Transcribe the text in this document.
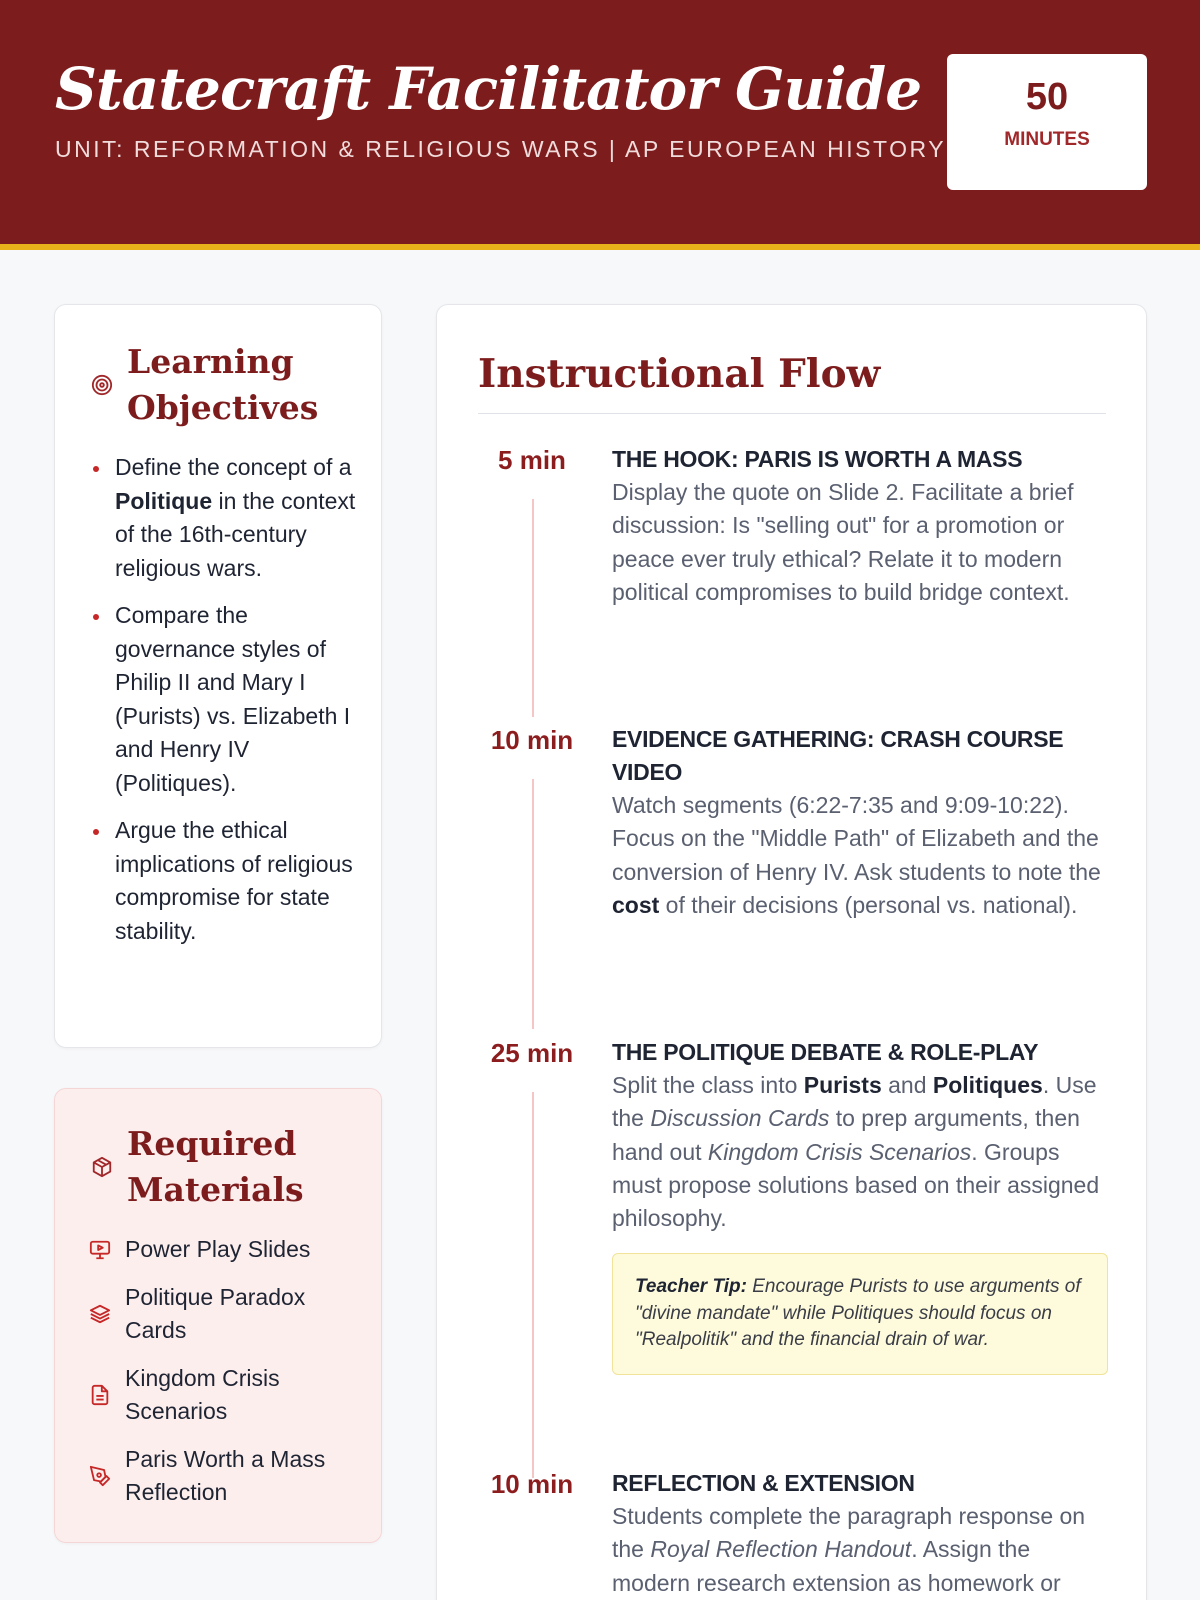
Statecraft Facilitator Guide
UNIT: REFORMATION & RELIGIOUS WARS | AP EUROPEAN HISTORY
50
MINUTES
Learning Objectives
Define the concept of a Politique in the context of the 16th-century religious wars.
Compare the governance styles of Philip II and Mary I (Purists) vs. Elizabeth I and Henry IV (Politiques).
Argue the ethical implications of religious compromise for state stability.
Required Materials
Power Play Slides
Politique Paradox Cards
Kingdom Crisis Scenarios
Paris Worth a Mass Reflection
Instructional Flow
5 min	THE HOOK: PARIS IS WORTH A MASS

Display the quote on Slide 2. Facilitate a brief discussion: Is "selling out" for a promotion or peace ever truly ethical? Relate it to modern political compromises to build bridge context.

10 min	EVIDENCE GATHERING: CRASH COURSE VIDEO

Watch segments (6:22-7:35 and 9:09-10:22). Focus on the "Middle Path" of Elizabeth and the conversion of Henry IV. Ask students to note the cost of their decisions (personal vs. national).

25 min	THE POLITIQUE DEBATE & ROLE-PLAY

Split the class into Purists and Politiques. Use the Discussion Cards to prep arguments, then hand out Kingdom Crisis Scenarios. Groups must propose solutions based on their assigned philosophy.

Teacher Tip: Encourage Purists to use arguments of "divine mandate" while Politiques should focus on "Realpolitik" and the financial drain of war.
10 min	REFLECTION & EXTENSION

Students complete the paragraph response on the Royal Reflection Handout. Assign the modern research extension as homework or
